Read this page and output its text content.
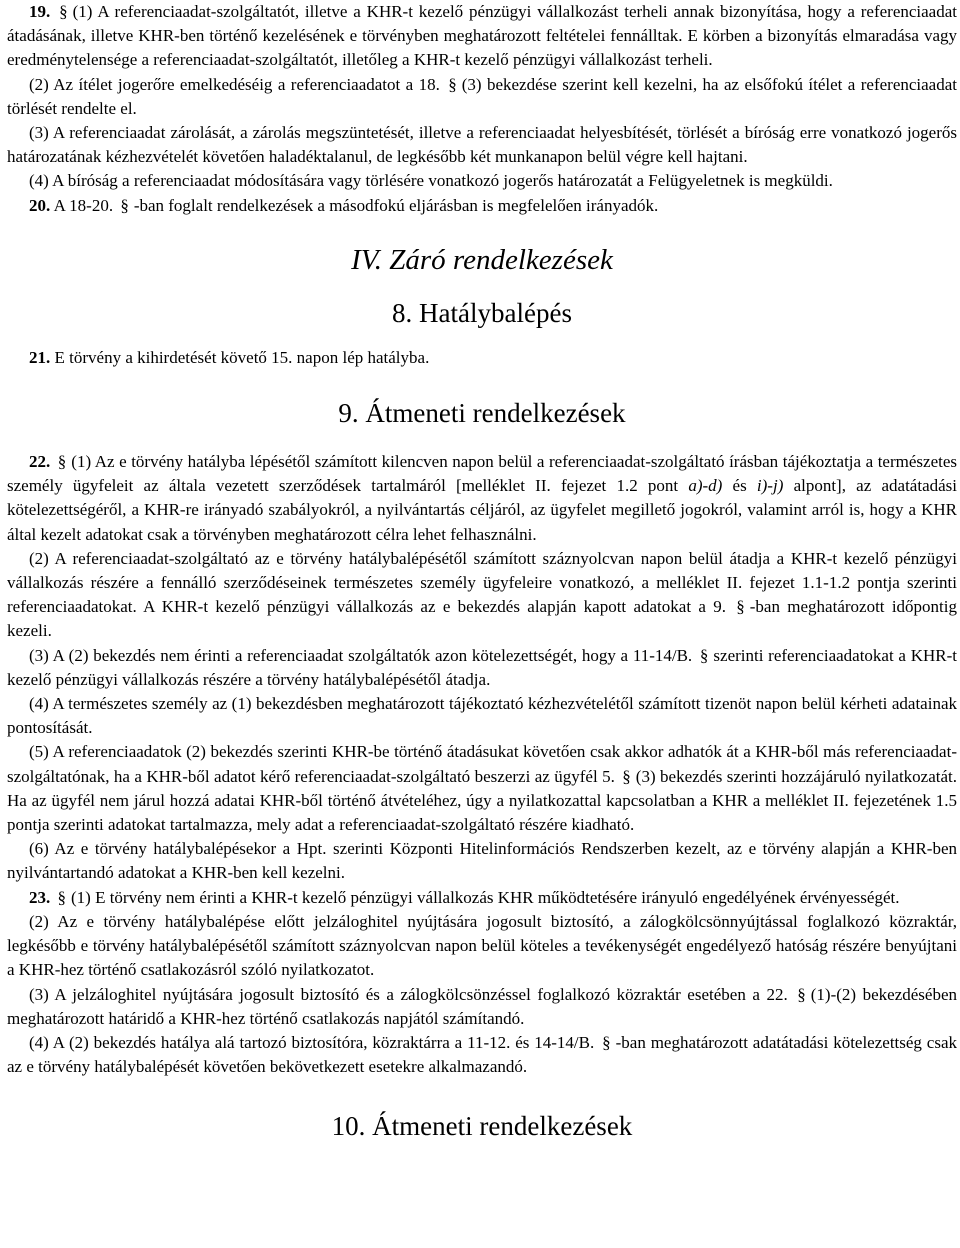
19. § (1) A referenciaadat-szolgáltatót, illetve a KHR-t kezelő pénzügyi vállalkozást terheli annak bizonyítása, hogy a referenciaadat átadásának, illetve KHR-ben történő kezelésének e törvényben meghatározott feltételei fennálltak. E körben a bizonyítás elmaradása vagy eredménytelensége a referenciaadat-szolgáltatót, illetőleg a KHR-t kezelő pénzügyi vállalkozást terheli.

(2) Az ítélet jogerőre emelkedéséig a referenciaadatot a 18. § (3) bekezdése szerint kell kezelni, ha az elsőfokú ítélet a referenciaadat törlését rendelte el.

(3) A referenciaadat zárolását, a zárolás megszüntetését, illetve a referenciaadat helyesbítését, törlését a bíróság erre vonatkozó jogerős határozatának kézhezvételét követően haladéktalanul, de legkésőbb két munkanapon belül végre kell hajtani.

(4) A bíróság a referenciaadat módosítására vagy törlésére vonatkozó jogerős határozatát a Felügyeletnek is megküldi.

20. A 18-20. § -ban foglalt rendelkezések a másodfokú eljárásban is megfelelően irányadók.

IV. Záró rendelkezések
8. Hatálybalépés

21. E törvény a kihirdetését követő 15. napon lép hatályba.

9. Átmeneti rendelkezések

22. § (1) Az e törvény hatályba lépésétől számított kilencven napon belül a referenciaadat-szolgáltató írásban tájékoztatja a természetes személy ügyfeleit az általa vezetett szerződések tartalmáról [melléklet II. fejezet 1.2 pont a)-d) és i)-j) alpont], az adatátadási kötelezettségéről, a KHR-re irányadó szabályokról, a nyilvántartás céljáról, az ügyfelet megillető jogokról, valamint arról is, hogy a KHR által kezelt adatokat csak a törvényben meghatározott célra lehet felhasználni.

(2) A referenciaadat-szolgáltató az e törvény hatálybalépésétől számított száznyolcvan napon belül átadja a KHR-t kezelő pénzügyi vállalkozás részére a fennálló szerződéseinek természetes személy ügyfeleire vonatkozó, a melléklet II. fejezet 1.1-1.2 pontja szerinti referenciaadatokat. A KHR-t kezelő pénzügyi vállalkozás az e bekezdés alapján kapott adatokat a 9. § -ban meghatározott időpontig kezeli.

(3) A (2) bekezdés nem érinti a referenciaadat szolgáltatók azon kötelezettségét, hogy a 11-14/B. § szerinti referenciaadatokat a KHR-t kezelő pénzügyi vállalkozás részére a törvény hatálybalépésétől átadja.

(4) A természetes személy az (1) bekezdésben meghatározott tájékoztató kézhezvételétől számított tizenöt napon belül kérheti adatainak pontosítását.

(5) A referenciaadatok (2) bekezdés szerinti KHR-be történő átadásukat követően csak akkor adhatók át a KHR-ből más referenciaadat-szolgáltatónak, ha a KHR-ből adatot kérő referenciaadat-szolgáltató beszerzi az ügyfél 5. § (3) bekezdés szerinti hozzájáruló nyilatkozatát. Ha az ügyfél nem járul hozzá adatai KHR-ből történő átvételéhez, úgy a nyilatkozattal kapcsolatban a KHR a melléklet II. fejezetének 1.5 pontja szerinti adatokat tartalmazza, mely adat a referenciaadat-szolgáltató részére kiadható.

(6) Az e törvény hatálybalépésekor a Hpt. szerinti Központi Hitelinformációs Rendszerben kezelt, az e törvény alapján a KHR-ben nyilvántartandó adatokat a KHR-ben kell kezelni.

23. § (1) E törvény nem érinti a KHR-t kezelő pénzügyi vállalkozás KHR működtetésére irányuló engedélyének érvényességét.

(2) Az e törvény hatálybalépése előtt jelzáloghitel nyújtására jogosult biztosító, a zálogkölcsönnyújtással foglalkozó közraktár, legkésőbb e törvény hatálybalépésétől számított száznyolcvan napon belül köteles a tevékenységét engedélyező hatóság részére benyújtani a KHR-hez történő csatlakozásról szóló nyilatkozatot.

(3) A jelzáloghitel nyújtására jogosult biztosító és a zálogkölcsönzéssel foglalkozó közraktár esetében a 22. § (1)-(2) bekezdésében meghatározott határidő a KHR-hez történő csatlakozás napjától számítandó.

(4) A (2) bekezdés hatálya alá tartozó biztosítóra, közraktárra a 11-12. és 14-14/B. § -ban meghatározott adatátadási kötelezettség csak az e törvény hatálybalépését követően bekövetkezett esetekre alkalmazandó.

10. Átmeneti rendelkezések
